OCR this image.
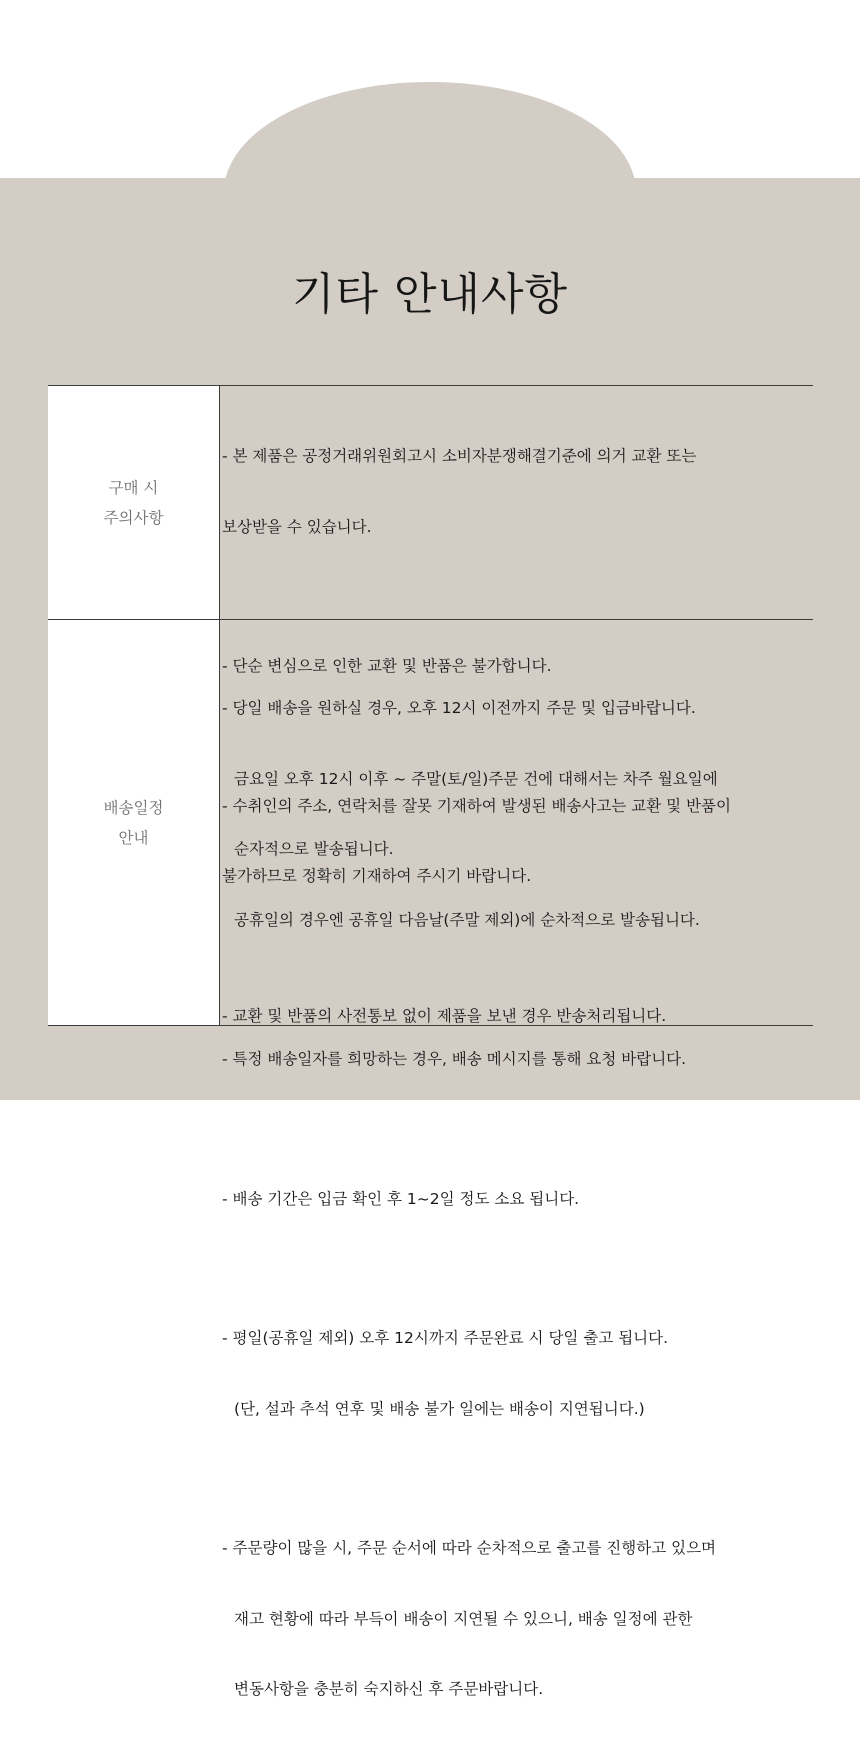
기타 안내사항
구매 시
주의사항

- 본 제품은 공정거래위원회고시 소비자분쟁해결기준에 의거 교환 또는

보상받을 수 있습니다.

- 단순 변심으로 인한 교환 및 반품은 불가합니다.

- 수취인의 주소, 연락처를 잘못 기재하여 발생된 배송사고는 교환 및 반품이

불가하므로 정확히 기재하여 주시기 바랍니다.

- 교환 및 반품의 사전통보 없이 제품을 보낸 경우 반송처리됩니다.

배송일정
안내

- 당일 배송을 원하실 경우, 오후 12시 이전까지 주문 및 입금바랍니다.

금요일 오후 12시 이후 ~ 주말(토/일)주문 건에 대해서는 차주 월요일에

순자적으로 발송됩니다.

공휴일의 경우엔 공휴일 다음날(주말 제외)에 순차적으로 발송됩니다.

- 특정 배송일자를 희망하는 경우, 배송 메시지를 통해 요청 바랍니다.

- 배송 기간은 입금 확인 후 1~2일 정도 소요 됩니다.

- 평일(공휴일 제외) 오후 12시까지 주문완료 시 당일 출고 됩니다.

(단, 설과 추석 연후 및 배송 불가 일에는 배송이 지연됩니다.)

- 주문량이 많을 시, 주문 순서에 따라 순차적으로 출고를 진행하고 있으며

재고 현황에 따라 부득이 배송이 지연될 수 있으니, 배송 일정에 관한

변동사항을 충분히 숙지하신 후 주문바랍니다.
